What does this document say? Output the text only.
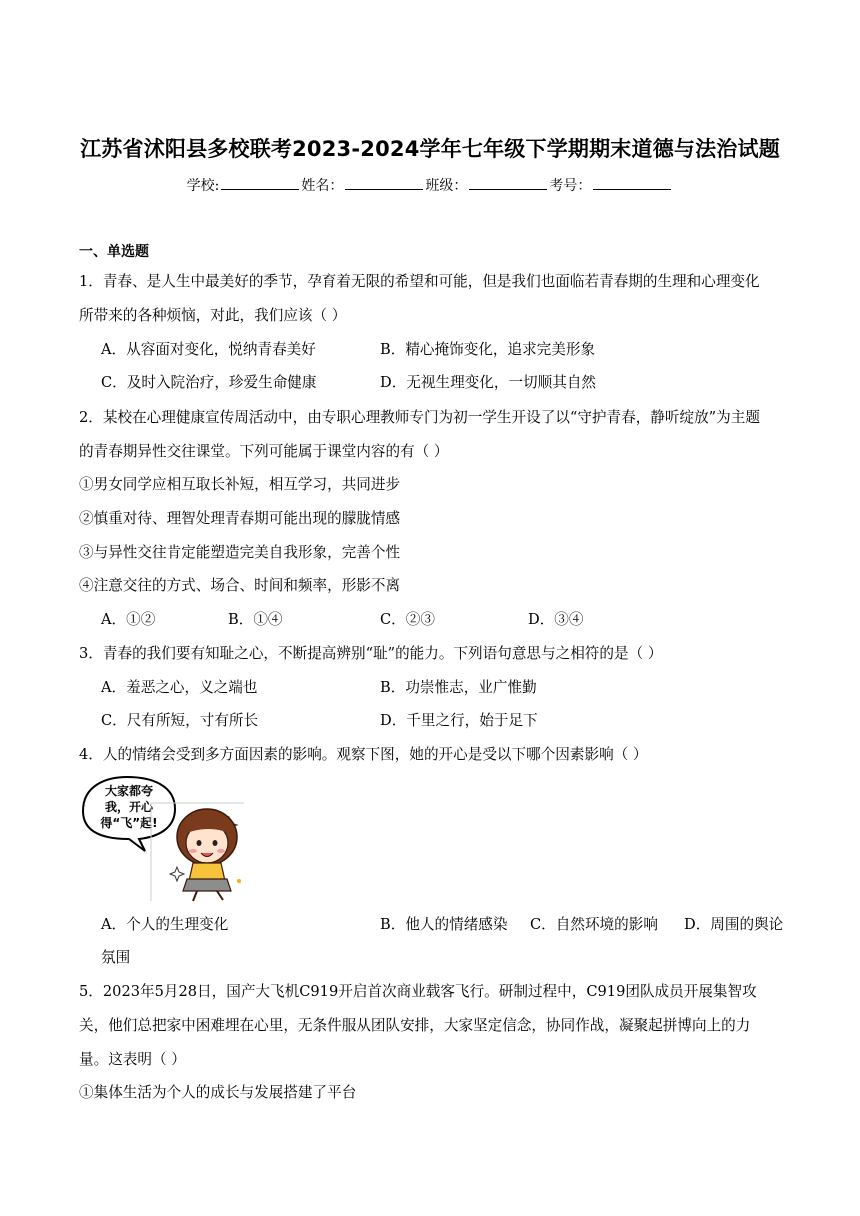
江苏省沭阳县多校联考2023-2024学年七年级下学期期末道德与法治试题
学校:	姓名：	班级：	考号：
一、单选题
1．青春、是人生中最美好的季节，孕育着无限的希望和可能，但是我们也面临若青春期的生理和心理变化
所带来的各种烦恼，对此，我们应该（ ）
A．从容面对变化，悦纳青春美好	B．精心掩饰变化，追求完美形象
C．及时入院治疗，珍爱生命健康	D．无视生理变化，一切顺其自然
2．某校在心理健康宣传周活动中，由专职心理教师专门为初一学生开设了以“守护青春，静听绽放”为主题
的青春期异性交往课堂。下列可能属于课堂内容的有（ ）
①男女同学应相互取长补短，相互学习，共同进步
②慎重对待、理智处理青春期可能出现的朦胧情感
③与异性交往肯定能塑造完美自我形象，完善个性
④注意交往的方式、场合、时间和频率，形影不离
A．①②	B．①④	C．②③	D．③④
3．青春的我们要有知耻之心，不断提高辨别“耻”的能力。下列语句意思与之相符的是（ ）
A．羞恶之心，义之端也	B．功崇惟志，业广惟勤
C．尺有所短，寸有所长	D．千里之行，始于足下
4．人的情绪会受到多方面因素的影响。观察下图，她的开心是受以下哪个因素影响（ ）
大家都夸
我，开心
得“飞”起!
A．个人的生理变化	B．他人的情绪感染 C．自然环境的影响 D．周围的舆论
氛围
5．2023年5月28日，国产大飞机C919开启首次商业载客飞行。研制过程中，C919团队成员开展集智攻
关，他们总把家中困难埋在心里，无条件服从团队安排，大家坚定信念，协同作战，凝聚起拼博向上的力
量。这表明（ ）
①集体生活为个人的成长与发展搭建了平台
